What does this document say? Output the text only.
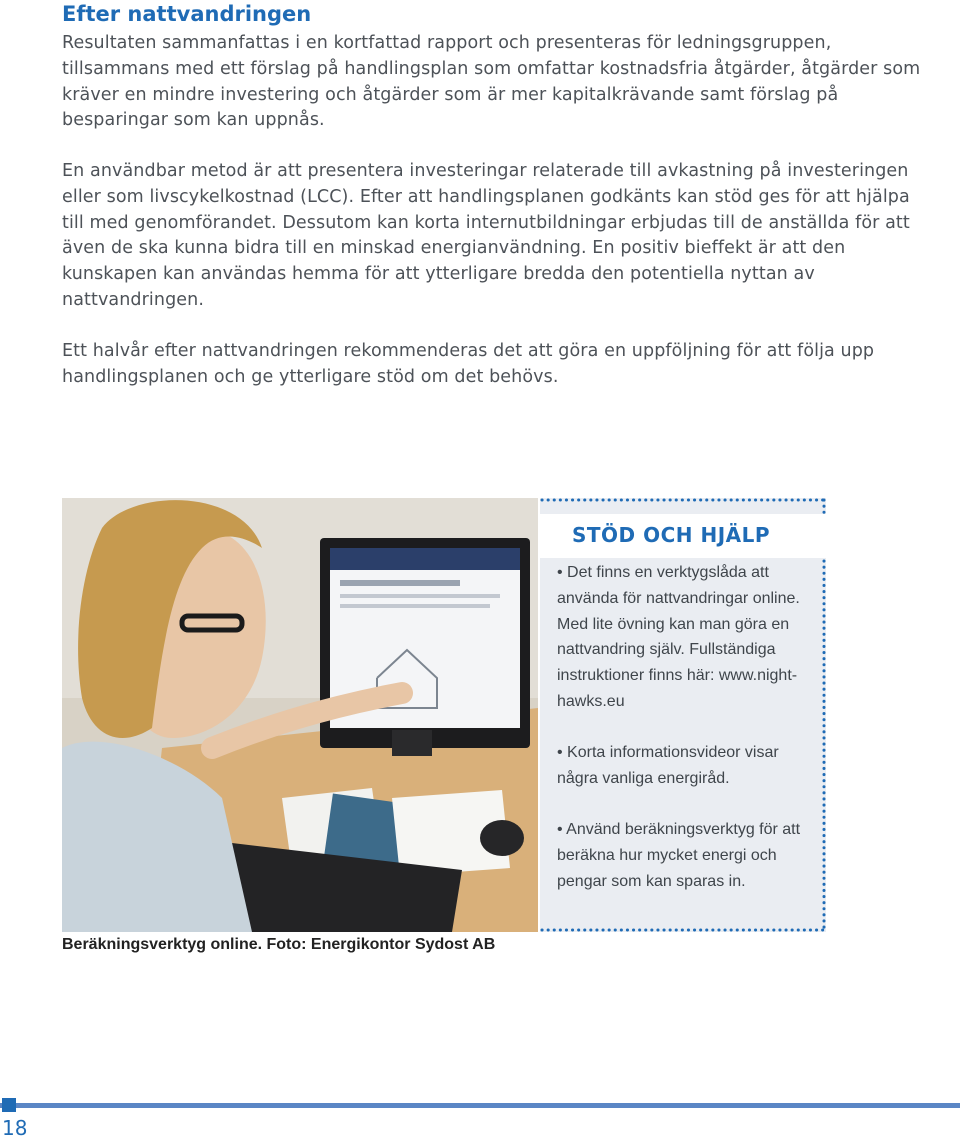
Efter nattvandringen
Resultaten sammanfattas i en kortfattad rapport och presenteras för ledningsgruppen, tillsammans med ett förslag på handlingsplan som omfattar kostnadsfria åtgärder, åtgärder som kräver en mindre investering och åtgärder som är mer kapitalkrävande samt förslag på besparingar som kan uppnås.
En användbar metod är att presentera investeringar relaterade till avkastning på investeringen eller som livscykelkostnad (LCC). Efter att handlingsplanen godkänts kan stöd ges för att hjälpa till med genomförandet. Dessutom kan korta internutbildningar erbjudas till de anställda för att även de ska kunna bidra till en minskad energianvändning. En positiv bieffekt är att den kunskapen kan användas hemma för att ytterligare bredda den potentiella nyttan av nattvandringen.
Ett halvår efter nattvandringen rekommenderas det att göra en uppföljning för att följa upp handlingsplanen och ge ytterligare stöd om det behövs.
Beräkningsverktyg online. Foto: Energikontor Sydost AB
STÖD OCH HJÄLP
• Det finns en verktygslåda att använda för nattvandringar online. Med lite övning kan man göra en nattvandring själv. Fullständiga instruktioner finns här: www.night-hawks.eu
• Korta informationsvideor visar några vanliga energiråd.
• Använd beräkningsverktyg för att beräkna hur mycket energi och pengar som kan sparas in.
18
